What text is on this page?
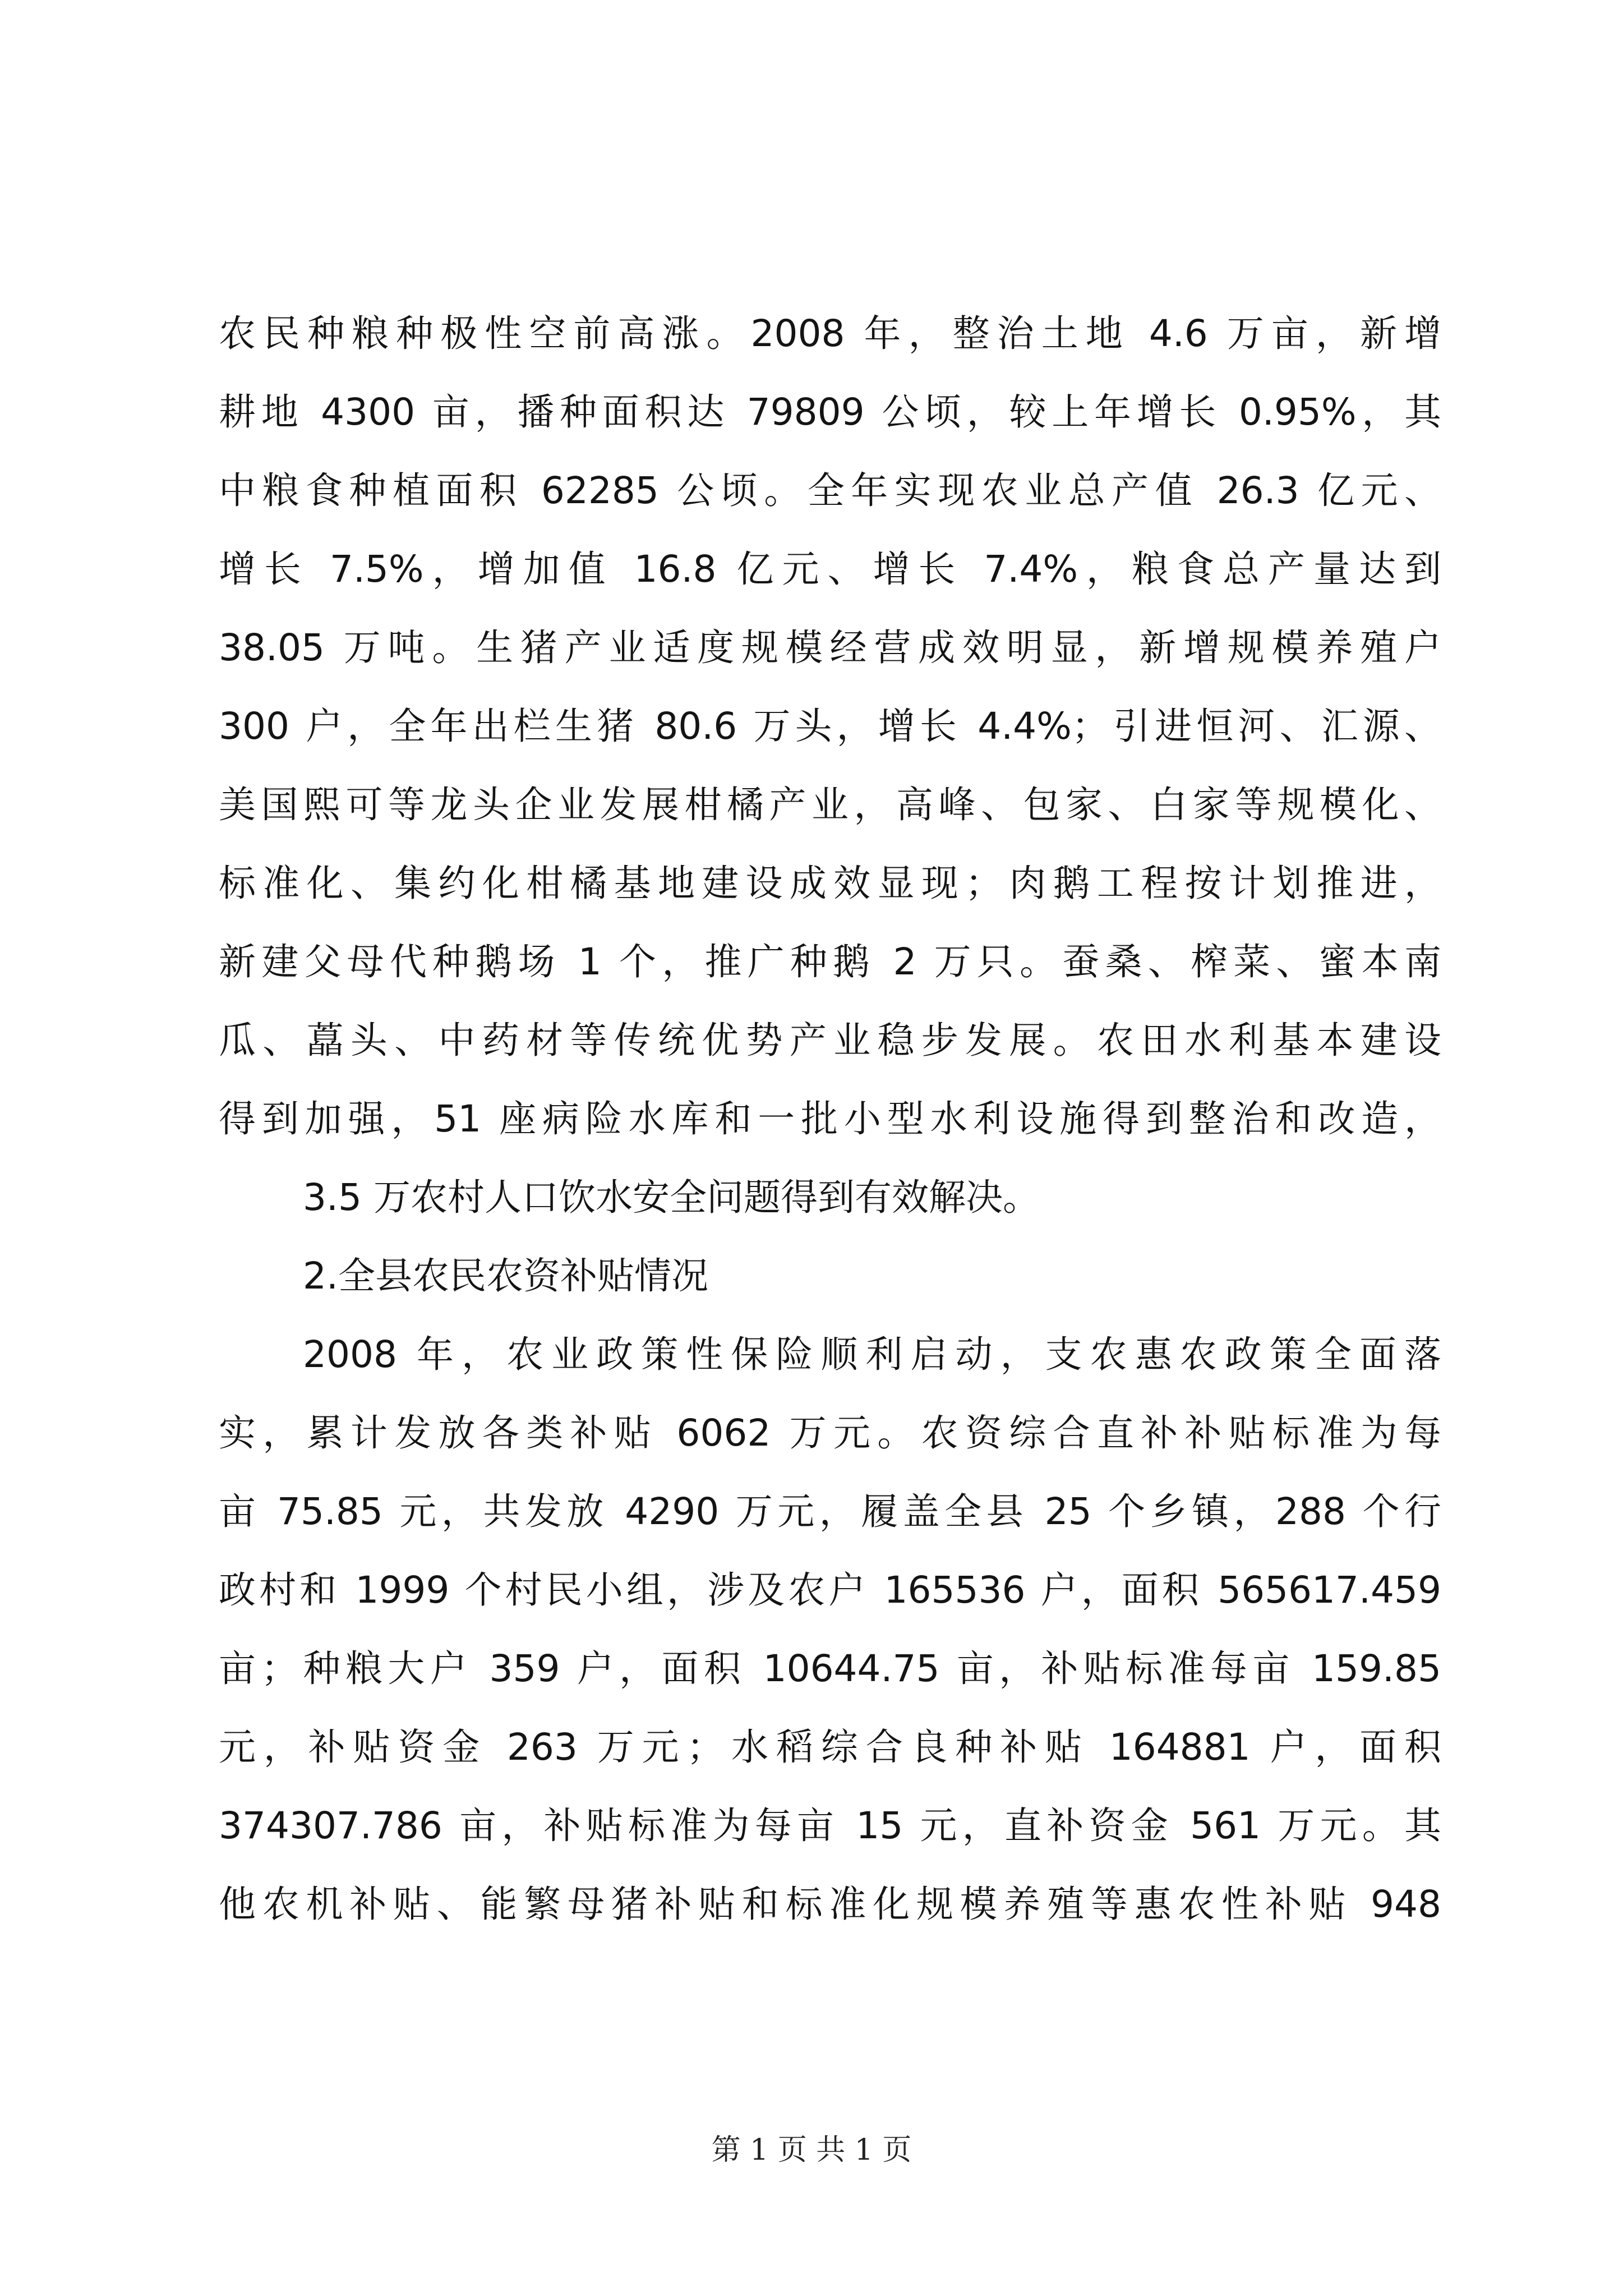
农民种粮种极性空前高涨。2008 年，整治土地 4.6 万亩，新增
耕地 4300 亩，播种面积达 79809 公顷，较上年增长 0.95%，其
中粮食种植面积 62285 公顷。全年实现农业总产值 26.3 亿元、
增长 7.5%，增加值 16.8 亿元、增长 7.4%，粮食总产量达到
38.05 万吨。生猪产业适度规模经营成效明显，新增规模养殖户
300 户，全年出栏生猪 80.6 万头，增长 4.4%；引进恒河、汇源、
美国熙可等龙头企业发展柑橘产业，高峰、包家、白家等规模化、
标准化、集约化柑橘基地建设成效显现；肉鹅工程按计划推进，
新建父母代种鹅场 1 个，推广种鹅 2 万只。蚕桑、榨菜、蜜本南
瓜、藠头、中药材等传统优势产业稳步发展。农田水利基本建设
得到加强，51 座病险水库和一批小型水利设施得到整治和改造，
3.5 万农村人口饮水安全问题得到有效解决。
2.全县农民农资补贴情况
2008 年，农业政策性保险顺利启动，支农惠农政策全面落
实，累计发放各类补贴 6062 万元。农资综合直补补贴标准为每
亩 75.85 元，共发放 4290 万元，履盖全县 25 个乡镇，288 个行
政村和 1999 个村民小组，涉及农户 165536 户，面积 565617.459
亩；种粮大户 359 户，面积 10644.75 亩，补贴标准每亩 159.85
元，补贴资金 263 万元；水稻综合良种补贴 164881 户，面积
374307.786 亩，补贴标准为每亩 15 元，直补资金 561 万元。其
他农机补贴、能繁母猪补贴和标准化规模养殖等惠农性补贴 948
第 1 页 共 1 页
